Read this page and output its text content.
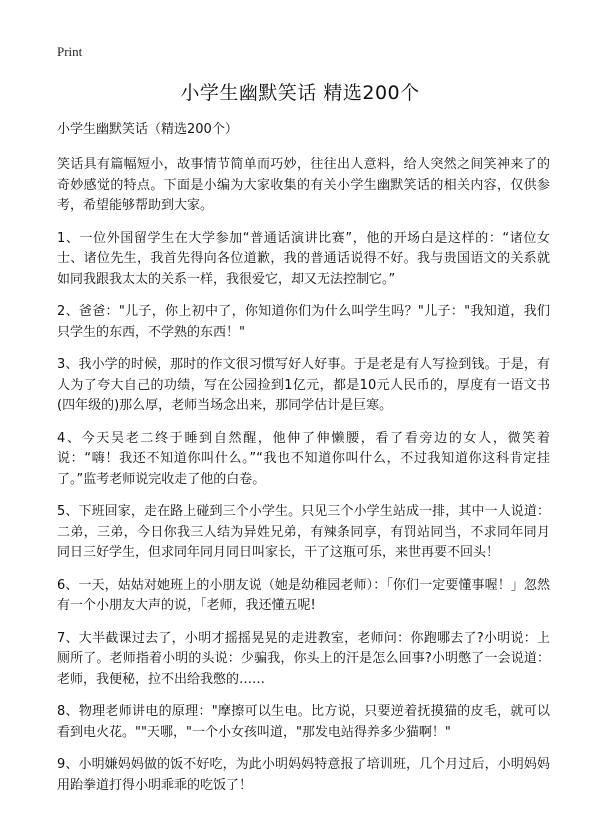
Print
小学生幽默笑话 精选200个

小学生幽默笑话（精选200个）

笑话具有篇幅短小，故事情节简单而巧妙，往往出人意料，给人突然之间笑神来了的奇妙感觉的特点。下面是小编为大家收集的有关小学生幽默笑话的相关内容，仅供参考，希望能够帮助到大家。

1、一位外国留学生在大学参加“普通话演讲比赛”，他的开场白是这样的：“诸位女士、诸位先生，我首先得向各位道歉，我的普通话说得不好。我与贵国语文的关系就如同我跟我太太的关系一样，我很爱它，却又无法控制它。”

2、爸爸："儿子，你上初中了，你知道你们为什么叫学生吗？"儿子："我知道，我们只学生的东西，不学熟的东西！"

3、我小学的时候，那时的作文很习惯写好人好事。于是老是有人写捡到钱。于是，有人为了夸大自己的功绩，写在公园捡到1亿元，都是10元人民币的，厚度有一语文书(四年级的)那么厚，老师当场念出来，那同学估计是巨寒。

4、今天吴老二终于睡到自然醒，他伸了伸懒腰，看了看旁边的女人，微笑着说：“嗨！我还不知道你叫什么。”“我也不知道你叫什么，不过我知道你这科肯定挂了。”监考老师说完收走了他的白卷。

5、下班回家，走在路上碰到三个小学生。只见三个小学生站成一排，其中一人说道：二弟，三弟，今日你我三人结为异姓兄弟，有辣条同享，有罚站同当，不求同年同月同日三好学生，但求同年同月同日叫家长，干了这瓶可乐，来世再要不回头！

6、一天，姑姑对她班上的小朋友说（她是幼稚园老师）：「你们一定要懂事喔！」忽然有一个小朋友大声的说，「老师，我还懂五呢!

7、大半截课过去了，小明才摇摇晃晃的走进教室，老师问：你跑哪去了?小明说：上厕所了。老师指着小明的头说：少骗我，你头上的汗是怎么回事?小明憋了一会说道：老师，我便秘，拉不出给我憋的……

8、物理老师讲电的原理："摩擦可以生电。比方说，只要逆着抚摸猫的皮毛，就可以看到电火花。""天哪，"一个小女孩叫道，"那发电站得养多少猫啊！"

9、小明嫌妈妈做的饭不好吃，为此小明妈妈特意报了培训班，几个月过后，小明妈妈用跆拳道打得小明乖乖的吃饭了！
